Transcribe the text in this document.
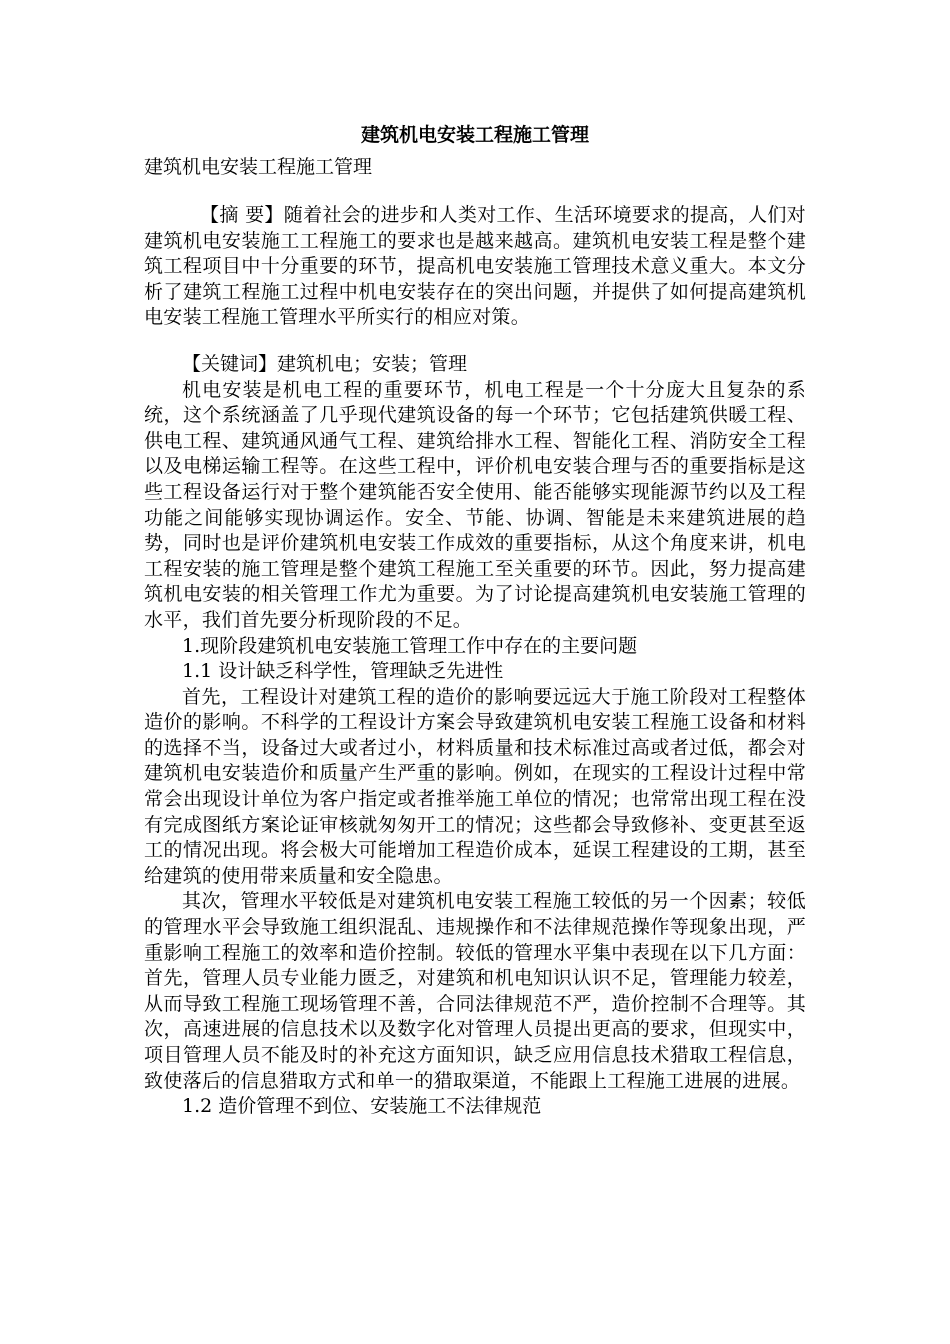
建筑机电安装工程施工管理

建筑机电安装工程施工管理

【摘 要】随着社会的进步和人类对工作、生活环境要求的提高，人们对建筑机电安装施工工程施工的要求也是越来越高。建筑机电安装工程是整个建筑工程项目中十分重要的环节，提高机电安装施工管理技术意义重大。本文分析了建筑工程施工过程中机电安装存在的突出问题，并提供了如何提高建筑机电安装工程施工管理水平所实行的相应对策。

【关键词】建筑机电；安装；管理

机电安装是机电工程的重要环节，机电工程是一个十分庞大且复杂的系统，这个系统涵盖了几乎现代建筑设备的每一个环节；它包括建筑供暖工程、供电工程、建筑通风通气工程、建筑给排水工程、智能化工程、消防安全工程以及电梯运输工程等。在这些工程中，评价机电安装合理与否的重要指标是这些工程设备运行对于整个建筑能否安全使用、能否能够实现能源节约以及工程功能之间能够实现协调运作。安全、节能、协调、智能是未来建筑进展的趋势，同时也是评价建筑机电安装工作成效的重要指标，从这个角度来讲，机电工程安装的施工管理是整个建筑工程施工至关重要的环节。因此，努力提高建筑机电安装的相关管理工作尤为重要。为了讨论提高建筑机电安装施工管理的水平，我们首先要分析现阶段的不足。

1.现阶段建筑机电安装施工管理工作中存在的主要问题

1.1 设计缺乏科学性，管理缺乏先进性

首先，工程设计对建筑工程的造价的影响要远远大于施工阶段对工程整体造价的影响。不科学的工程设计方案会导致建筑机电安装工程施工设备和材料的选择不当，设备过大或者过小，材料质量和技术标准过高或者过低，都会对建筑机电安装造价和质量产生严重的影响。例如，在现实的工程设计过程中常常会出现设计单位为客户指定或者推举施工单位的情况；也常常出现工程在没有完成图纸方案论证审核就匆匆开工的情况；这些都会导致修补、变更甚至返工的情况出现。将会极大可能增加工程造价成本，延误工程建设的工期，甚至给建筑的使用带来质量和安全隐患。

其次，管理水平较低是对建筑机电安装工程施工较低的另一个因素；较低的管理水平会导致施工组织混乱、违规操作和不法律规范操作等现象出现，严重影响工程施工的效率和造价控制。较低的管理水平集中表现在以下几方面：首先，管理人员专业能力匮乏，对建筑和机电知识认识不足，管理能力较差，从而导致工程施工现场管理不善，合同法律规范不严，造价控制不合理等。其次，高速进展的信息技术以及数字化对管理人员提出更高的要求，但现实中，项目管理人员不能及时的补充这方面知识，缺乏应用信息技术猎取工程信息，致使落后的信息猎取方式和单一的猎取渠道，不能跟上工程施工进展的进展。

1.2 造价管理不到位、安装施工不法律规范
